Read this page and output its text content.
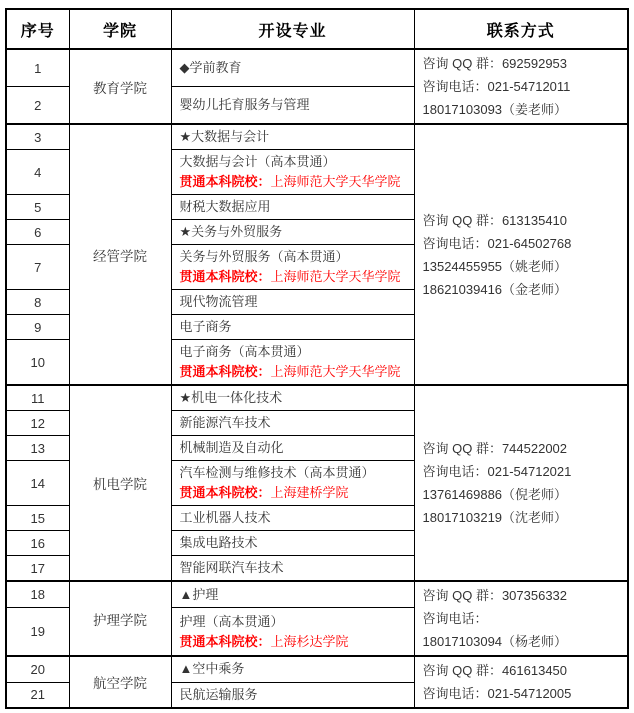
序号	学院	开设专业	联系方式
1	教育学院	◆学前教育	咨询 QQ 群：692592953
咨询电话：021-54712011
18017103093（姜老师）

2		婴幼儿托育服务与管理	

3	经管学院	★大数据与会计	咨询 QQ 群：613135410
咨询电话：021-64502768
13524455955（姚老师）
18621039416（金老师）

4		大数据与会计（高本贯通）
贯通本科院校：上海师范大学天华学院	

5		财税大数据应用	

6		★关务与外贸服务	

7		关务与外贸服务（高本贯通）
贯通本科院校：上海师范大学天华学院	

8		现代物流管理	

9		电子商务	

10		电子商务（高本贯通）
贯通本科院校：上海师范大学天华学院	

11	机电学院	★机电一体化技术	咨询 QQ 群：744522002
咨询电话：021-54712021
13761469886（倪老师）
18017103219（沈老师）

12		新能源汽车技术	

13		机械制造及自动化	

14		汽车检测与维修技术（高本贯通）
贯通本科院校：上海建桥学院	

15		工业机器人技术	

16		集成电路技术	

17		智能网联汽车技术	

18	护理学院	▲护理	咨询 QQ 群：307356332
咨询电话：
18017103094（杨老师）

19		护理（高本贯通）
贯通本科院校：上海杉达学院	

20	航空学院	▲空中乘务	咨询 QQ 群：461613450
咨询电话：021-54712005

21		民航运输服务	
